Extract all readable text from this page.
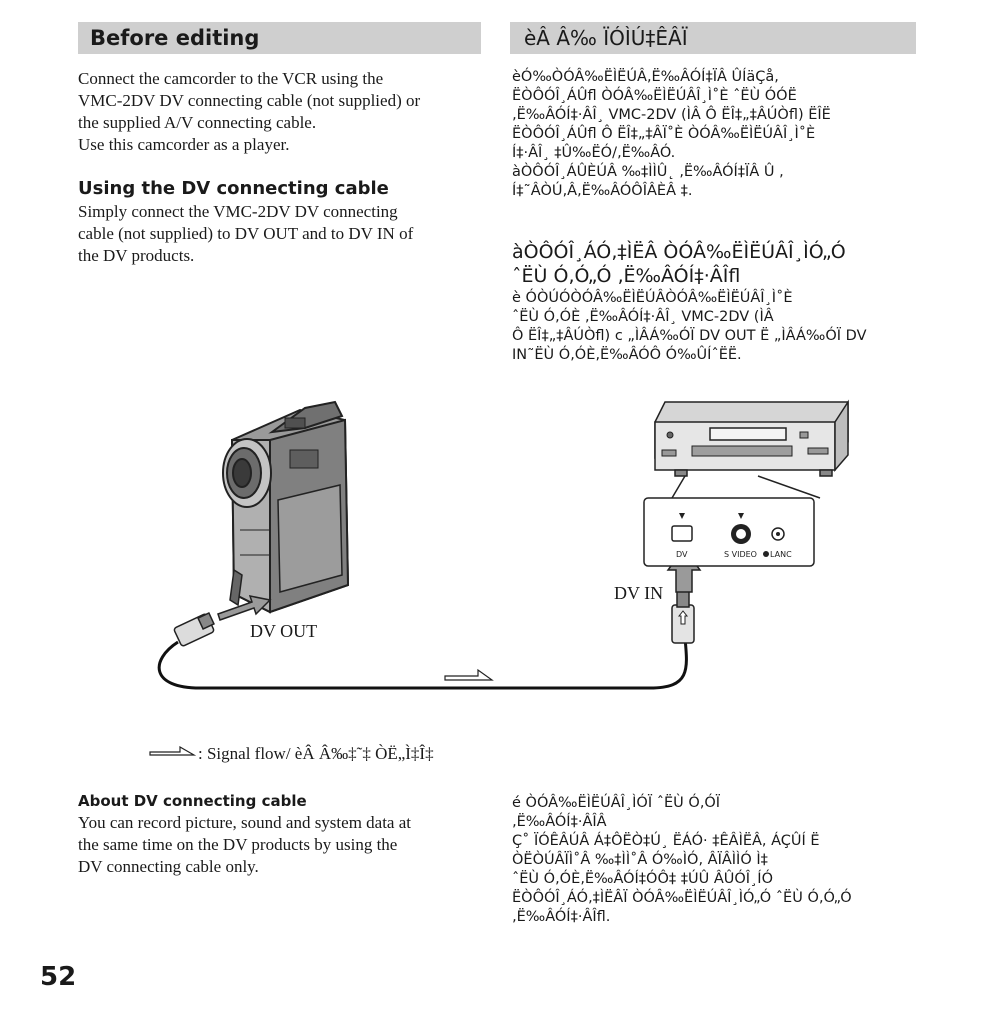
Before editing	èÂ Â‰ ÏÓÌÚ‡ÊÂÏ
Connect the camcorder to the VCR using the
VMC-2DV DV connecting cable (not supplied) or
the supplied A/V connecting cable.
Use this camcorder as a player.
Using the DV connecting cable
Simply connect the VMC-2DV DV connecting
cable (not supplied) to DV OUT and to DV IN of
the DV products.
èÓ‰ÒÓÂ‰ËÌËÚÂ‚Ë‰ÂÓÍ‡ÏÂ ÛÍäÇå,
ËÒÔÓÎ¸ÁÛﬂ ÒÓÂ‰ËÌËÚÂÎ¸Ì˚È ˆËÙ ÓÓË
‚Ë‰ÂÓÍ‡·ÂÎ¸ VMC-2DV (ÌÂ Ô ËÎ‡„‡ÂÚÒﬂ) ËÎË
ËÒÔÓÎ¸ÁÛﬂ Ô ËÎ‡„‡ÂÏ˚È ÒÓÂ‰ËÌËÚÂÎ¸Ì˚È
Í‡·ÂÎ¸ ‡Û‰ËÓ/‚Ë‰ÂÓ.
àÒÔÓÎ¸ÁÛÈÚÂ ‰‡ÌÌÛ˛ ‚Ë‰ÂÓÍ‡ÏÂ Û ,
Í‡˜ÂÒÚ‚Â‚Ë‰ÂÓÔÎÂÈÂ ‡.
àÒÔÓÎ¸ÁÓ‚‡ÌËÂ ÒÓÂ‰ËÌËÚÂÎ¸ÌÓ„Ó
ˆËÙ Ó‚Ó„Ó ‚Ë‰ÂÓÍ‡·ÂÎﬂ
è ÓÒÚÓÒÓÂ‰ËÌËÚÂÒÓÂ‰ËÌËÚÂÎ¸Ì˚È
ˆËÙ Ó‚ÓÈ ‚Ë‰ÂÓÍ‡·ÂÎ¸ VMC-2DV (ÌÂ
Ô ËÎ‡„‡ÂÚÒﬂ) c „ÌÂÁ‰ÓÏ DV OUT Ë „ÌÂÁ‰ÓÏ DV
IN˜ËÙ Ó‚ÓÈ‚Ë‰ÂÓÔ Ó‰ÛÍˆËË.
DV	S VIDEO LANC
DV OUT
DV IN
: Signal flow/ èÂ Â‰‡˜‡ ÒË„Ì‡Î‡
About DV connecting cable
You can record picture, sound and system data at
the same time on the DV products by using the
DV connecting cable only.
é ÒÓÂ‰ËÌËÚÂÎ¸ÌÓÏ ˆËÙ Ó‚ÓÏ
‚Ë‰ÂÓÍ‡·ÂÎÂ
Ç˚ ÏÓÊÂÚÂ Á‡ÔËÒ‡Ú¸ ËÁÓ· ‡ÊÂÌËÂ, ÁÇÛÍ Ë
ÒËÒÚÂÏÌ˚Â ‰‡ÌÌ˚Â Ó‰ÌÓ, ÂÏÂÌÌÓ Ì‡
ˆËÙ Ó‚ÓÈ‚Ë‰ÂÓÍ‡ÓÔ‡ ‡ÚÛ ÂÛÓÎ¸ÍÓ
ËÒÔÓÎ¸ÁÓ‚‡ÌËÂÏ ÒÓÂ‰ËÌËÚÂÎ¸ÌÓ„Ó ˆËÙ Ó‚Ó„Ó
‚Ë‰ÂÓÍ‡·ÂÎﬂ.
52
